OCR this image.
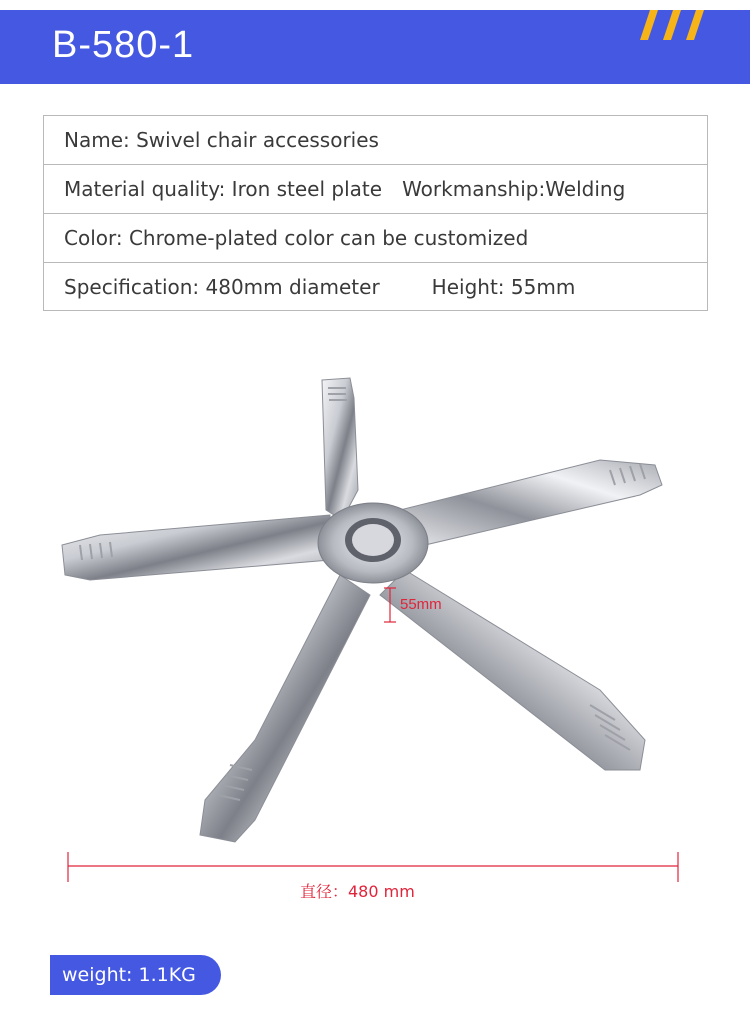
B-580-1
Name: Swivel chair accessories
Material quality: Iron steel plate Workmanship:Welding
Color: Chrome-plated color can be customized
Specification: 480mm diameter	Height: 55mm
55mm
直径：480 mm
weight: 1.1KG
